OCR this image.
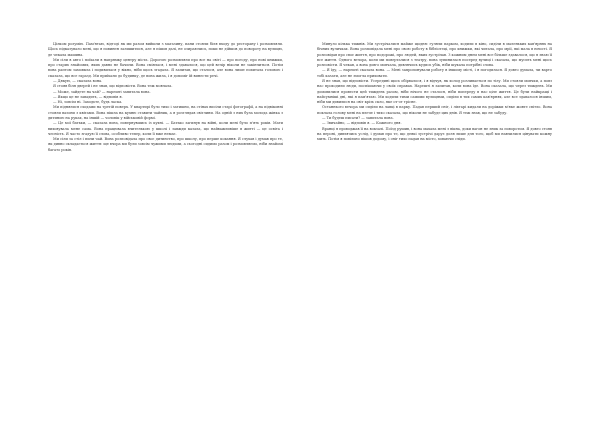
Цілком розумію. Пам'ятаю, відтоді як ми разом вийшли з магазину, пани стояли біля входу до ресторану і розмовляли. Щось підказувало мені, що я повинен залишитися, але я пішов далі, не озираючись, поки не дійшов до повороту на вулицю, де чекала машина.

Ми сіли в авто і поїхали в напрямку центру міста. Дорогою розмовляли про все на світі — про погоду, про нові книжки, про старих знайомих, яких давно не бачили. Вона сміялася, і мені здавалося, що цей вечір ніколи не закінчиться. Потім вона раптом замовкла і подивилася у вікно, ніби щось згадала. Я запитав, що сталося, але вона лише похитала головою і сказала, що все гаразд. Ми приїхали до будинку, де вона жила, і я допоміг їй винести речі.

— Дякую, — сказала вона.

Я стояв біля дверей і не знав, що відповісти. Вона теж мовчала.

— Може, зайдете на чай? — нарешті запитала вона.

— Якщо це не завадить, — відповів я.

— Ні, зовсім ні. Заходьте, будь ласка.

Ми піднялися сходами на третій поверх. У квартирі було тихо і затишно, на стінах висіли старі фотографії, а на підвіконні стояли вазони з квітами. Вона пішла на кухню ставити чайник, а я розглядав світлини. На одній з них була молода жінка з дитиною на руках, на іншій — чоловік у військовій формі.

— Це мої батьки, — сказала вона, повернувшись із кухні. — Батько загинув на війні, коли мені було п'ять років. Мати виховувала мене сама. Вона працювала вчителькою у школі і завжди казала, що найважливіше в житті — це освіта і чесність. Я часто згадую її слова, особливо тепер, коли її вже немає.

Ми сіли за стіл і пили чай. Вона розповідала про своє дитинство, про школу, про перше кохання. Я слухав і думав про те, як дивно складається життя: ще вчора ми були зовсім чужими людьми, а сьогодні сидимо разом і розмовляємо, ніби знайомі багато років.

Минуло кілька тижнів. Ми зустрічалися майже щодня: гуляли парком, ходили в кіно, сиділи в маленьких кав'ярнях на бічних вуличках. Вона розповідала мені про свою роботу в бібліотеці, про книжки, які читала, про мрії, які мала в юності. Я розповідав про своє життя, про подорожі, про людей, яких зустрічав. З кожним днем мені все більше здавалося, що я знаю її все життя. Одного вечора, коли ми поверталися з театру, вона зупинилася посеред вулиці і сказала, що мусить мені щось розповісти. Я чекав, а вона довго мовчала, дивлячись кудись убік, ніби шукала потрібні слова.

— Я їду, — нарешті сказала вона. — Мені запропонували роботу в іншому місті, і я погодилася. Я довго думала, чи варто тобі казати, але не змогла приховати.

Я не знав, що відповісти. Усередині щось обірвалося, і я відчув, як холод розливається по тілу. Ми стояли мовчки, а повз нас проходили люди, поспішаючи у своїх справах. Нарешті я запитав, коли вона їде. Вона сказала, що через тиждень. Ми домовилися провести цей тиждень разом, ніби нічого не сталося, ніби попереду в нас ціле життя. Це були найкращі і найсумніші дні, які я пам'ятаю. Ми ходили тими самими вулицями, сиділи в тих самих кав'ярнях, але все здавалося іншим, ніби ми дивилися на світ крізь скло, яке от-от трісне.

Останнього вечора ми сиділи на лавці в парку. Падав перший сніг, і ліхтарі кидали на доріжки м'яке жовте світло. Вона поклала голову мені на плече і тихо сказала, що ніколи не забуде цих днів. Я теж знав, що не забуду.

— Ти будеш писати? — запитала вона.

— Звичайно, — відповів я. — Кожного дня.

Вранці я проводжав її на вокзалі. Поїзд рушив, і вона махала мені з вікна, доки вагон не зник за поворотом. Я довго стояв на пероні, дивлячись услід, і думав про те, що деякі зустрічі дарує доля лише для того, щоб ми навчилися цінувати кожну мить. Потім я повільно пішов додому, і сніг тихо падав на місто, ховаючи сліди.
